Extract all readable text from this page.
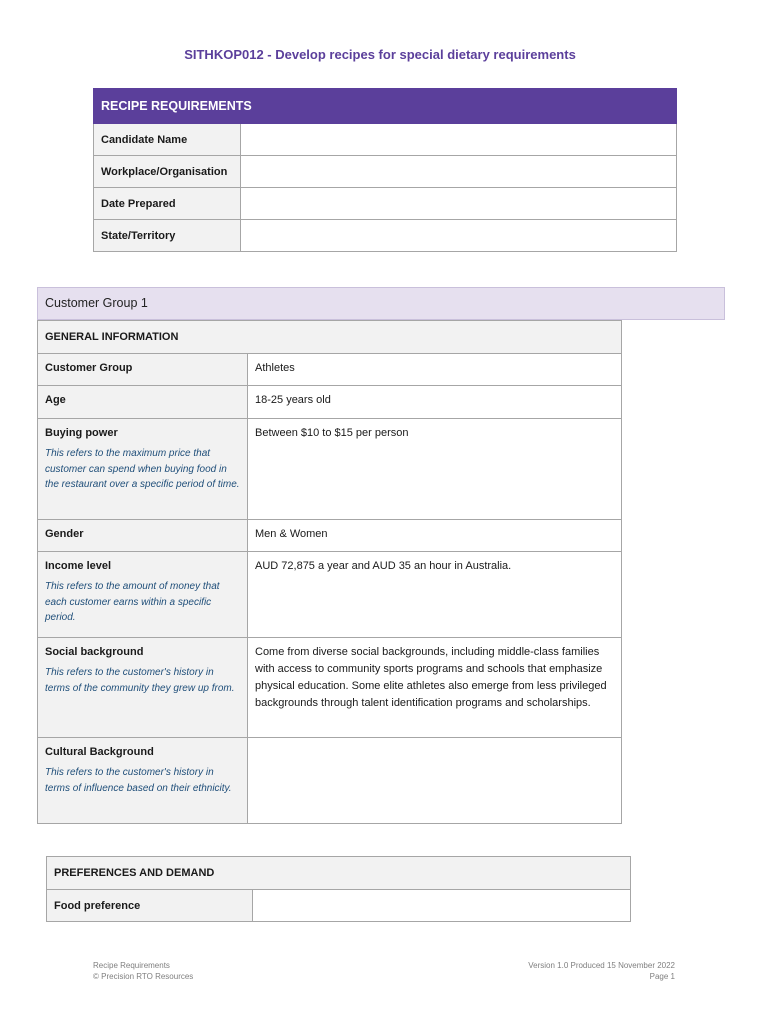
SITHKOP012 - Develop recipes for special dietary requirements
RECIPE REQUIREMENTS	
Candidate Name	
Workplace/Organisation	
Date Prepared	
State/Territory	
Customer Group 1
GENERAL INFORMATION	
Customer Group	Athletes

Age	18-25 years old

Buying power
This refers to the maximum price that customer can spend when buying food in the restaurant over a specific period of time.	Between $10 to $15 per person

Gender	Men & Women

Income level
This refers to the amount of money that each customer earns within a specific period.	AUD 72,875 a year and AUD 35 an hour in Australia.

Social background
This refers to the customer's history in terms of the community they grew up from.	Come from diverse social backgrounds, including middle-class families with access to community sports programs and schools that emphasize physical education. Some elite athletes also emerge from less privileged backgrounds through talent identification programs and scholarships.

Cultural Background
This refers to the customer's history in terms of influence based on their ethnicity.	

PREFERENCES AND DEMAND
Food preference	
Recipe Requirements
© Precision RTO Resources
Version 1.0 Produced 15 November 2022
Page 1
